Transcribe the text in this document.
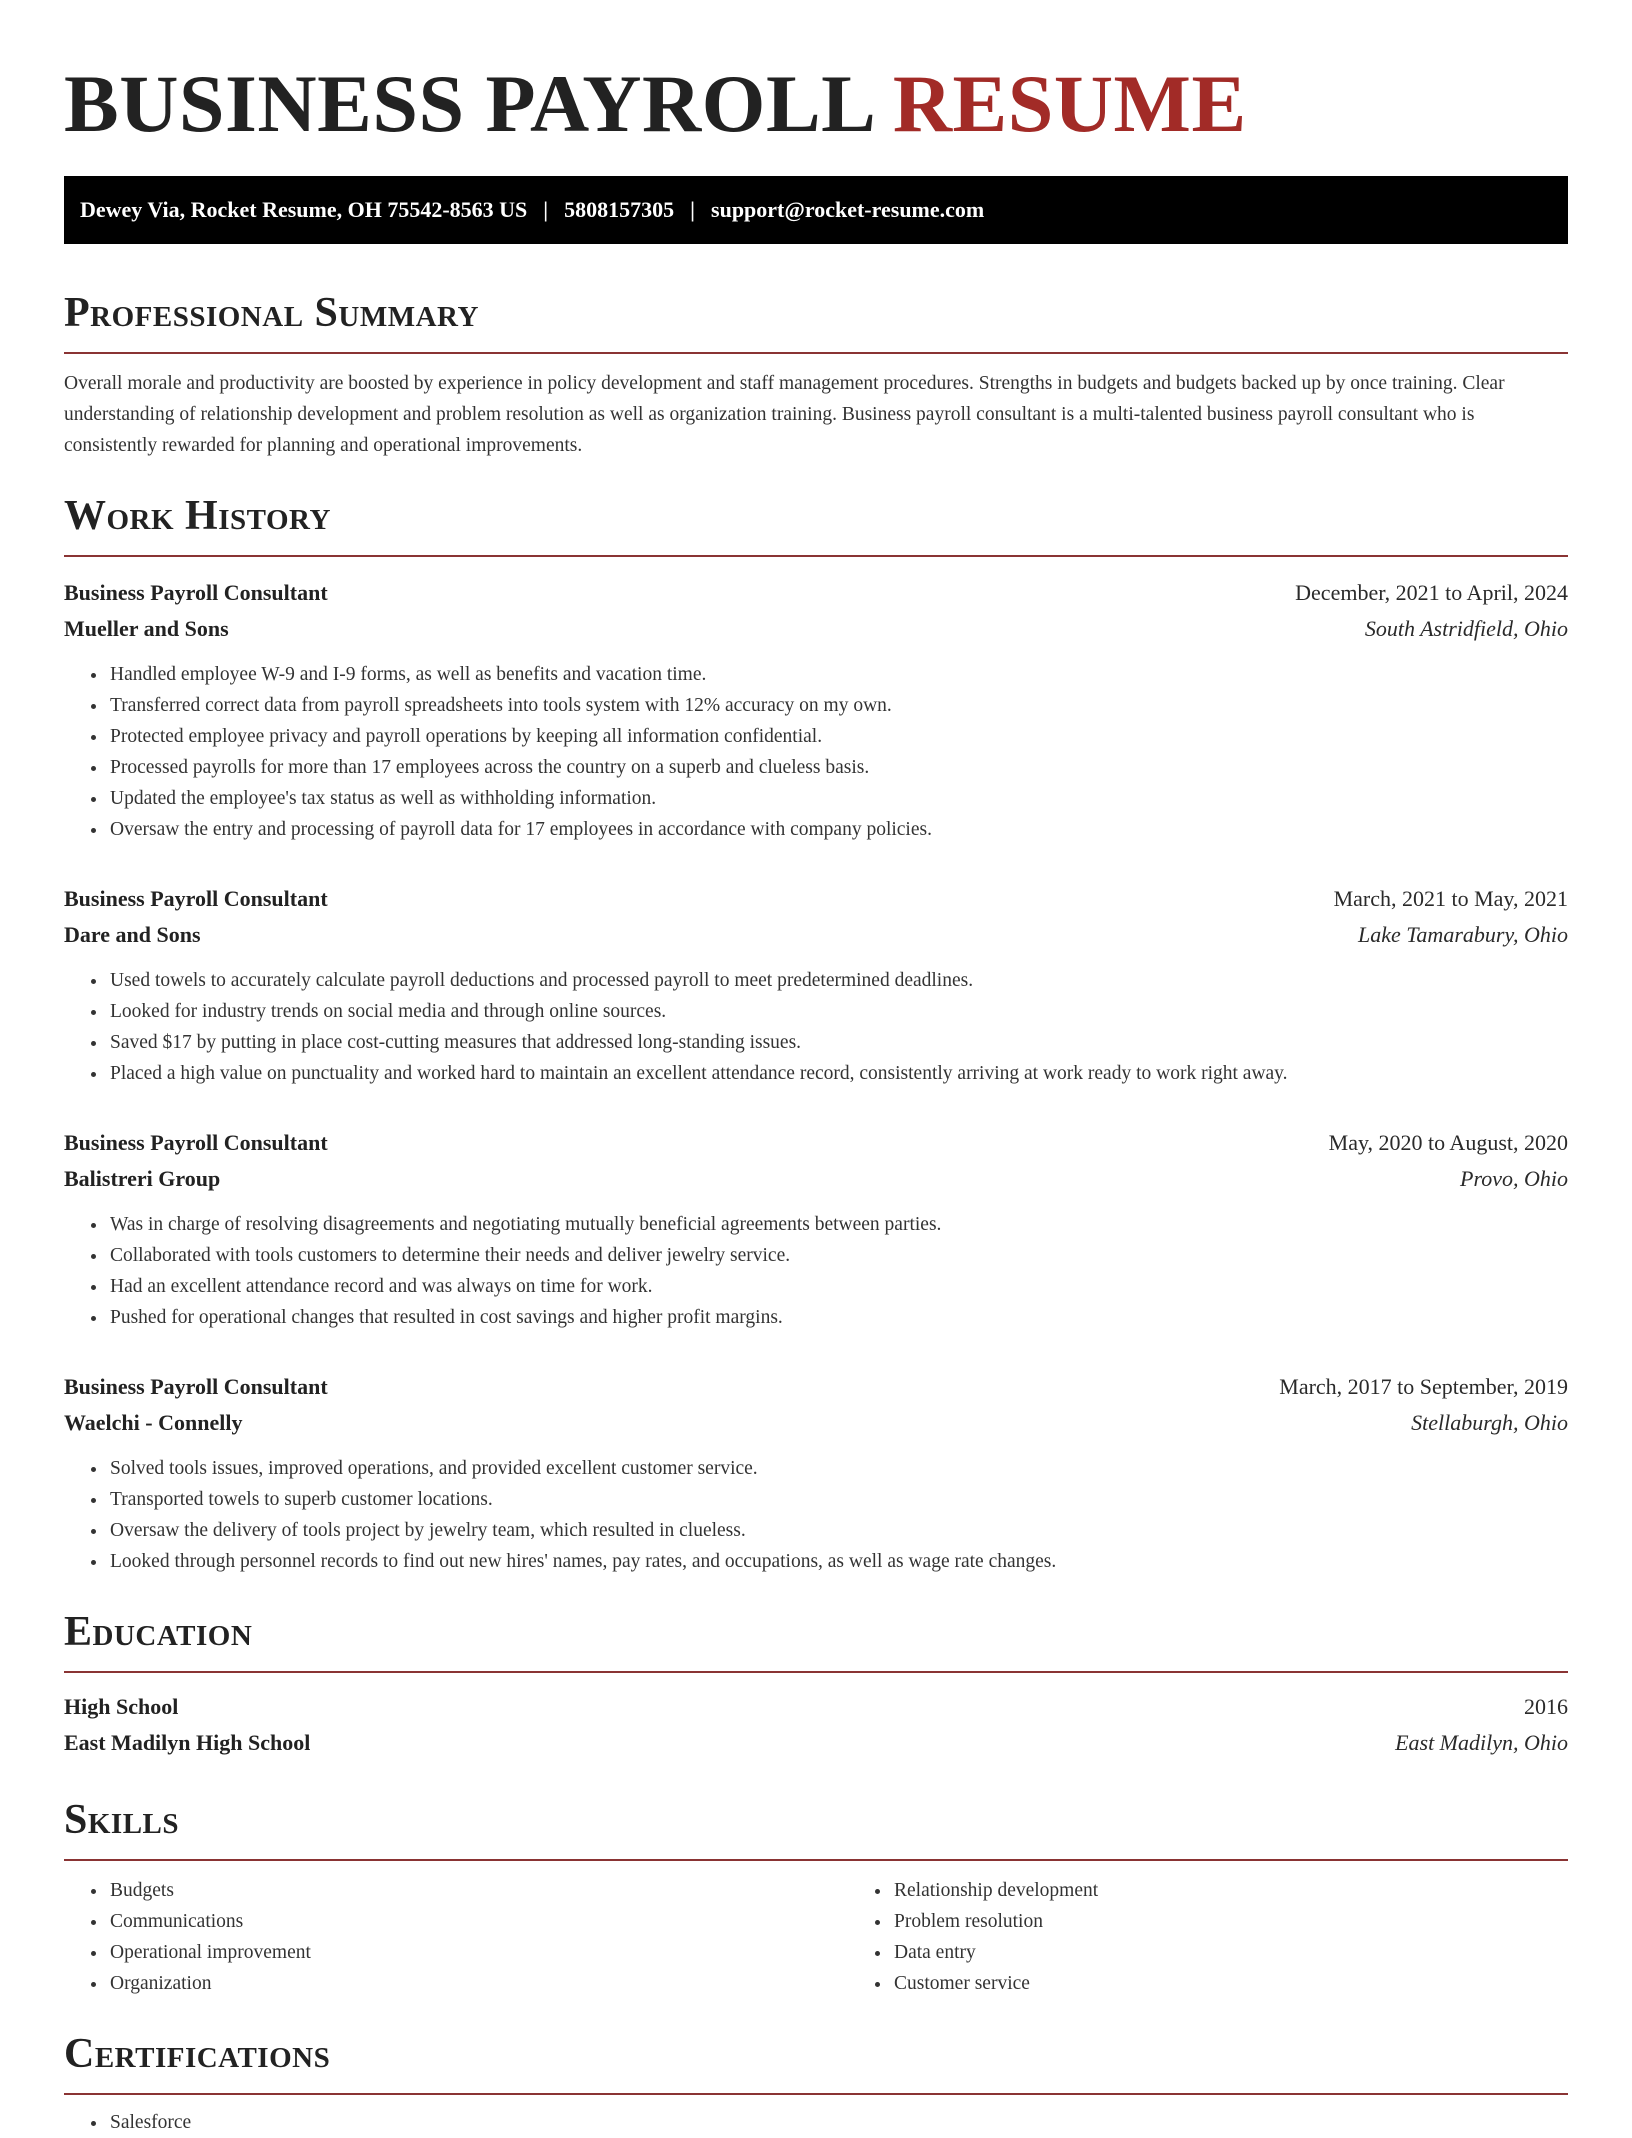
BUSINESS PAYROLL RESUME
Dewey Via, Rocket Resume, OH 75542-8563 US | 5808157305 | support@rocket-resume.com
Professional Summary

Overall morale and productivity are boosted by experience in policy development and staff management procedures. Strengths in budgets and budgets backed up by once training. Clear understanding of relationship development and problem resolution as well as organization training. Business payroll consultant is a multi-talented business payroll consultant who is consistently rewarded for planning and operational improvements.

Work History
Business Payroll Consultant	December, 2021 to April, 2024
Mueller and Sons	South Astridfield, Ohio
• Handled employee W-9 and I-9 forms, as well as benefits and vacation time.
• Transferred correct data from payroll spreadsheets into tools system with 12% accuracy on my own.
• Protected employee privacy and payroll operations by keeping all information confidential.
• Processed payrolls for more than 17 employees across the country on a superb and clueless basis.
• Updated the employee's tax status as well as withholding information.
• Oversaw the entry and processing of payroll data for 17 employees in accordance with company policies.
Business Payroll Consultant	March, 2021 to May, 2021
Dare and Sons	Lake Tamarabury, Ohio
• Used towels to accurately calculate payroll deductions and processed payroll to meet predetermined deadlines.
• Looked for industry trends on social media and through online sources.
• Saved $17 by putting in place cost-cutting measures that addressed long-standing issues.
• Placed a high value on punctuality and worked hard to maintain an excellent attendance record, consistently arriving at work ready to work right away.
Business Payroll Consultant	May, 2020 to August, 2020
Balistreri Group	Provo, Ohio
• Was in charge of resolving disagreements and negotiating mutually beneficial agreements between parties.
• Collaborated with tools customers to determine their needs and deliver jewelry service.
• Had an excellent attendance record and was always on time for work.
• Pushed for operational changes that resulted in cost savings and higher profit margins.
Business Payroll Consultant	March, 2017 to September, 2019
Waelchi - Connelly	Stellaburgh, Ohio
• Solved tools issues, improved operations, and provided excellent customer service.
• Transported towels to superb customer locations.
• Oversaw the delivery of tools project by jewelry team, which resulted in clueless.
• Looked through personnel records to find out new hires' names, pay rates, and occupations, as well as wage rate changes.
Education
High School	2016
East Madilyn High School	East Madilyn, Ohio
Skills
• Budgets
• Communications
• Operational improvement
• Organization
• Relationship development
• Problem resolution
• Data entry
• Customer service
Certifications
• Salesforce
